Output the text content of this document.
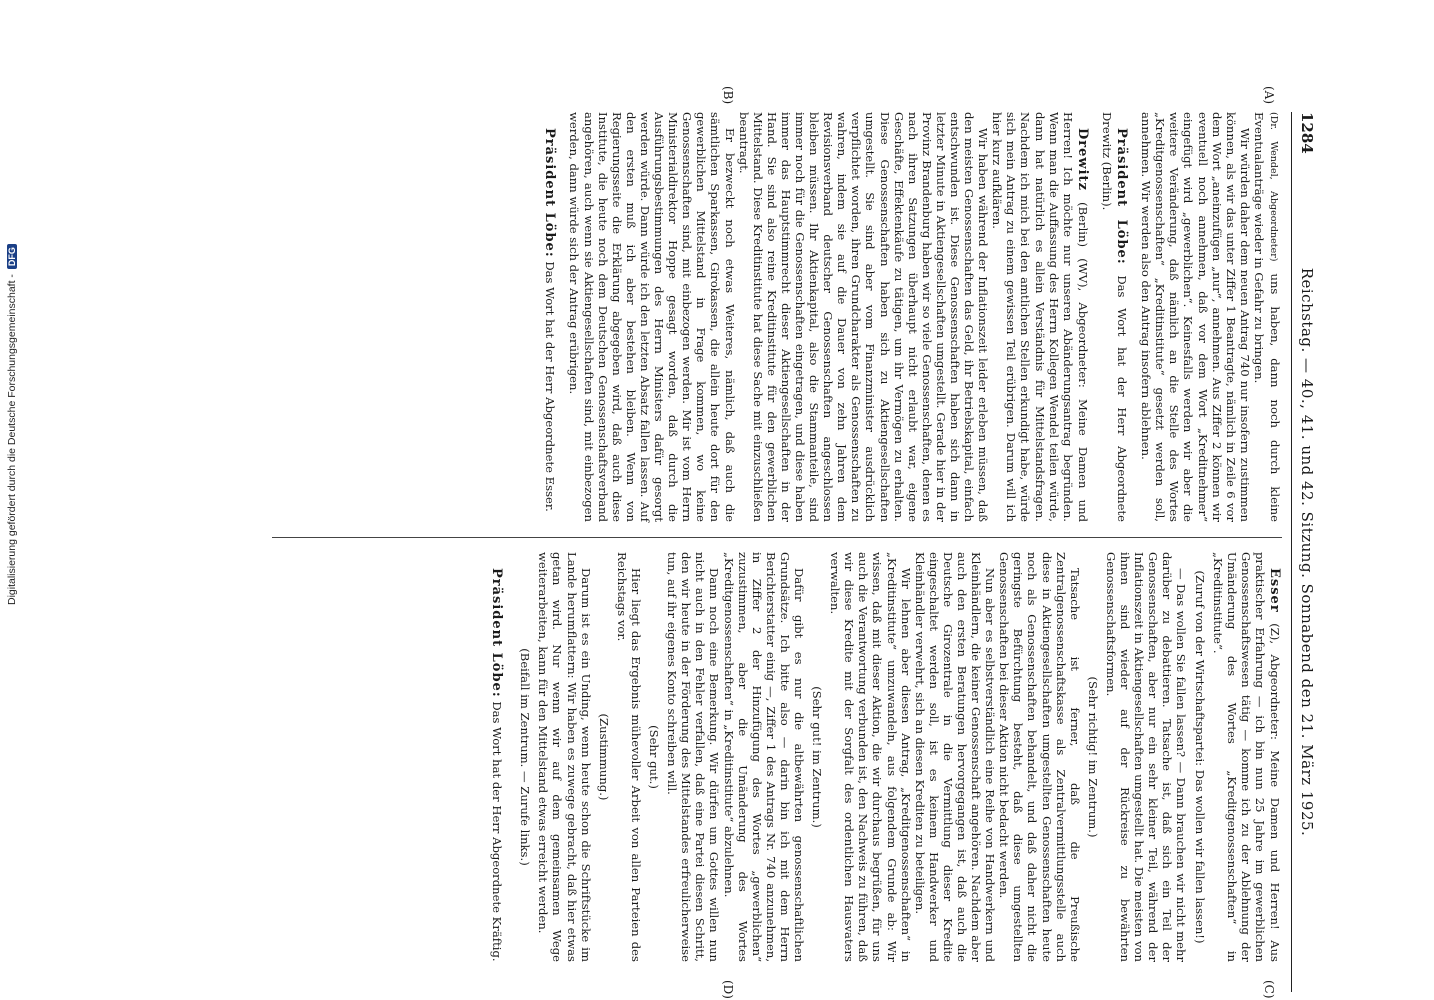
1284
Reichstag. — 40., 41. und 42. Sitzung. Sonnabend den 21. März 1925.
(A)
(B)
(C)
(D)

(Dr. Wendel, Abgeordneter) uns haben, dann noch durch kleine Eventualanträge wieder in Gefahr zu bringen.

Wir würden daher dem neuen Antrag 740 nur insofern zustimmen können, als wir das unter Ziffer 1 Beantragte, nämlich in Zeile 6 vor dem Wort „aneinzufügen „nur“, annehmen. Aus Ziffer 2 können wir eventuell noch annehmen, daß vor dem Wort „Kreditnehmer“ eingefügt wird „gewerblichen“. Keinesfalls werden wir aber die weitere Veränderung, daß nämlich an die Stelle des Wortes „Kreditgenossenschaften“ „Kreditinstitute“ gesetzt werden soll, annehmen. Wir werden also den Antrag insofern ablehnen.

Präsident Löbe: Das Wort hat der Herr Abgeordnete Drewitz (Berlin).

Drewitz (Berlin) (WV), Abgeordneter: Meine Damen und Herren! Ich möchte nur unseren Abänderungsantrag begründen. Wenn man die Auffassung des Herrn Kollegen Wendel teilen würde, dann hat natürlich es allein Verständnis für Mittelstandsfragen. Nachdem ich mich bei den amtlichen Stellen erkundigt habe, würde sich mein Antrag zu einem gewissen Teil erübrigen. Darum will ich hier kurz aufklären.

Wir haben während der Inflationszeit leider erleben müssen, daß den meisten Genossenschaften das Geld, ihr Betriebskapital, einfach entschwunden ist. Diese Genossenschaften haben sich dann in letzter Minute in Aktiengesellschaften umgestellt. Gerade hier in der Provinz Brandenburg haben wir so viele Genossenschaften, denen es nach ihren Satzungen überhaupt nicht erlaubt war, eigene Geschäfte, Effektenkäufe zu tätigen, um ihr Vermögen zu erhalten. Diese Genossenschaften haben sich zu Aktiengesellschaften umgestellt. Sie sind aber vom Finanzminister ausdrücklich verpflichtet worden, ihren Grundcharakter als Genossenschaften zu wahren, indem sie auf die Dauer von zehn Jahren dem Revisionsverband deutscher Genossenschaften angeschlossen bleiben müssen. Ihr Aktienkapital, also die Stammanteile, sind immer noch für die Genossenschaften eingetragen, und diese haben immer das Hauptstimmrecht dieser Aktiengesellschaften in der Hand. Sie sind also reine Kreditinstitute für den gewerblichen Mittelstand. Diese Kreditinstitute hat diese Sache mit einzuschließen beantragt.

Er bezweckt noch etwas Weiteres, nämlich, daß auch die sämtlichen Sparkassen, Girokassen, die allein heute dort für den gewerblichen Mittelstand in Frage kommen, wo keine Genossenschaften sind, mit einbezogen werden. Mir ist vom Herrn Ministerialdirektor Hoppe gesagt worden, daß durch die Ausführungsbestimmungen des Herrn Ministers dafür gesorgt werden würde. Dann würde ich den letzten Absatz fallen lassen. Auf den ersten muß ich aber bestehen bleiben. Wenn von Regierungsseite die Erklärung abgegeben wird, daß auch diese Institute, die heute noch dem Deutschen Genossenschaftsverband angehören, auch wenn sie Aktiengesellschaften sind, mit einbezogen werden, dann würde sich der Antrag erübrigen.

Präsident Löbe: Das Wort hat der Herr Abgeordnete Esser.

Esser (Z), Abgeordneter: Meine Damen und Herren! Aus praktischer Erfahrung — ich bin nun 25 Jahre im gewerblichen Genossenschaftswesen tätig — komme ich zu der Ablehnung der Umänderung des Wortes „Kreditgenossenschaften“ in „Kreditinstitute“.

(Zuruf von der Wirtschaftspartei: Das wollen wir fallen lassen!)

— Das wollen Sie fallen lassen? — Dann brauchen wir nicht mehr darüber zu debattieren. Tatsache ist, daß sich ein Teil der Genossenschaften, aber nur ein sehr kleiner Teil, während der Inflationszeit in Aktiengesellschaften umgestellt hat. Die meisten von ihnen sind wieder auf der Rückreise zu bewährten Genossenschaftsformen.

(Sehr richtig! im Zentrum.)

Tatsache ist ferner, daß die Preußische Zentralgenossenschaftskasse als Zentralvermittlungsstelle auch diese in Aktiengesellschaften umgestellten Genossenschaften heute noch als Genossenschaften behandelt, und daß daher nicht die geringste Befürchtung besteht, daß diese umgestellten Genossenschaften bei dieser Aktion nicht bedacht werden.

Nun aber es selbstverständlich eine Reihe von Handwerkern und Kleinhändlern, die keiner Genossenschaft angehören. Nachdem aber auch den ersten Beratungen hervorgegangen ist, daß auch die Deutsche Girozentrale in die Vermittlung dieser Kredite eingeschaltet werden soll, ist es keinem Handwerker und Kleinhändler verwehrt, sich an diesen Krediten zu beteiligen.

Wir lehnen aber diesen Antrag, „Kreditgenossenschaften“ in „Kreditinstitute“ umzuwandeln, aus folgendem Grunde ab: Wir wissen, daß mit dieser Aktion, die wir durchaus begrüßen, für uns auch die Verantwortung verbunden ist, den Nachweis zu führen, daß wir diese Kredite mit der Sorgfalt des ordentlichen Hausvaters verwalten.

(Sehr gut! im Zentrum.)

Dafür gibt es nur die altbewährten genossenschaftlichen Grundsätze. Ich bitte also — darin bin ich mit dem Herrn Berichterstatter einig —, Ziffer 1 des Antrags Nr. 740 anzunehmen, in Ziffer 2 der Hinzufügung des Wortes „gewerblichen“ zuzustimmen, aber die Umänderung des Wortes „Kreditgenossenschaften“ in „Kreditinstitute“ abzulehnen.

Dann noch eine Bemerkung. Wir dürfen um Gottes willen nun nicht auch in den Fehler verfallen, daß eine Partei diesen Schritt, den wir heute in der Förderung des Mittelstandes erfreulicherweise tun, auf ihr eigenes Konto schreiben will.

(Sehr gut.)

Hier liegt das Ergebnis mühevoller Arbeit von allen Parteien des Reichstags vor.

(Zustimmung.)

Darum ist es ein Unding, wenn heute schon die Schriftstücke im Lande herumflattern: Wir haben es zuwege gebracht, daß hier etwas getan wird. Nur wenn wir auf dem gemeinsamen Wege weiterarbeiten, kann für den Mittelstand etwas erreicht werden.

(Beifall im Zentrum. — Zurufe links.)

Präsident Löbe: Das Wort hat der Herr Abgeordnete Kräftig.

Digitalisierung gefördert durch die Deutsche Forschungsgemeinschaft -DFG
